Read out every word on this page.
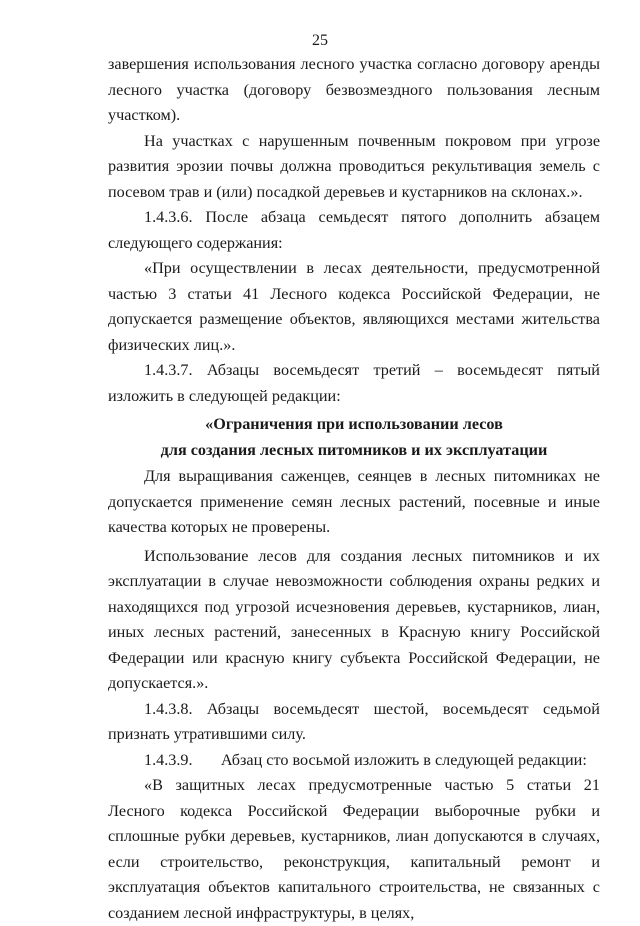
25

завершения использования лесного участка согласно договору аренды лесного участка (договору безвозмездного пользования лесным участком).

На участках с нарушенным почвенным покровом при угрозе развития эрозии почвы должна проводиться рекультивация земель с посевом трав и (или) посадкой деревьев и кустарников на склонах.».

1.4.3.6. После абзаца семьдесят пятого дополнить абзацем

следующего содержания:

«При осуществлении в лесах деятельности, предусмотренной частью 3 статьи 41 Лесного кодекса Российской Федерации, не допускается размещение объектов, являющихся местами жительства физических лиц.».

1.4.3.7. Абзацы восемьдесят третий – восемьдесят пятый

изложить в следующей редакции:

«Ограничения при использовании лесов

для создания лесных питомников и их эксплуатации

Для выращивания саженцев, сеянцев в лесных питомниках не допускается применение семян лесных растений, посевные и иные качества которых не проверены.

Использование лесов для создания лесных питомников и их эксплуатации в случае невозможности соблюдения охраны редких и находящихся под угрозой исчезновения деревьев, кустарников, лиан, иных лесных растений, занесенных в Красную книгу Российской Федерации или красную книгу субъекта Российской Федерации, не допускается.».

1.4.3.8. Абзацы восемьдесят шестой, восемьдесят седьмой

признать утратившими силу.

1.4.3.9. Абзац сто восьмой изложить в следующей редакции:

«В защитных лесах предусмотренные частью 5 статьи 21 Лесного кодекса Российской Федерации выборочные рубки и сплошные рубки деревьев, кустарников, лиан допускаются в случаях, если строительство, реконструкция, капитальный ремонт и эксплуатация объектов капитального строительства, не связанных с созданием лесной инфраструктуры, в целях,
